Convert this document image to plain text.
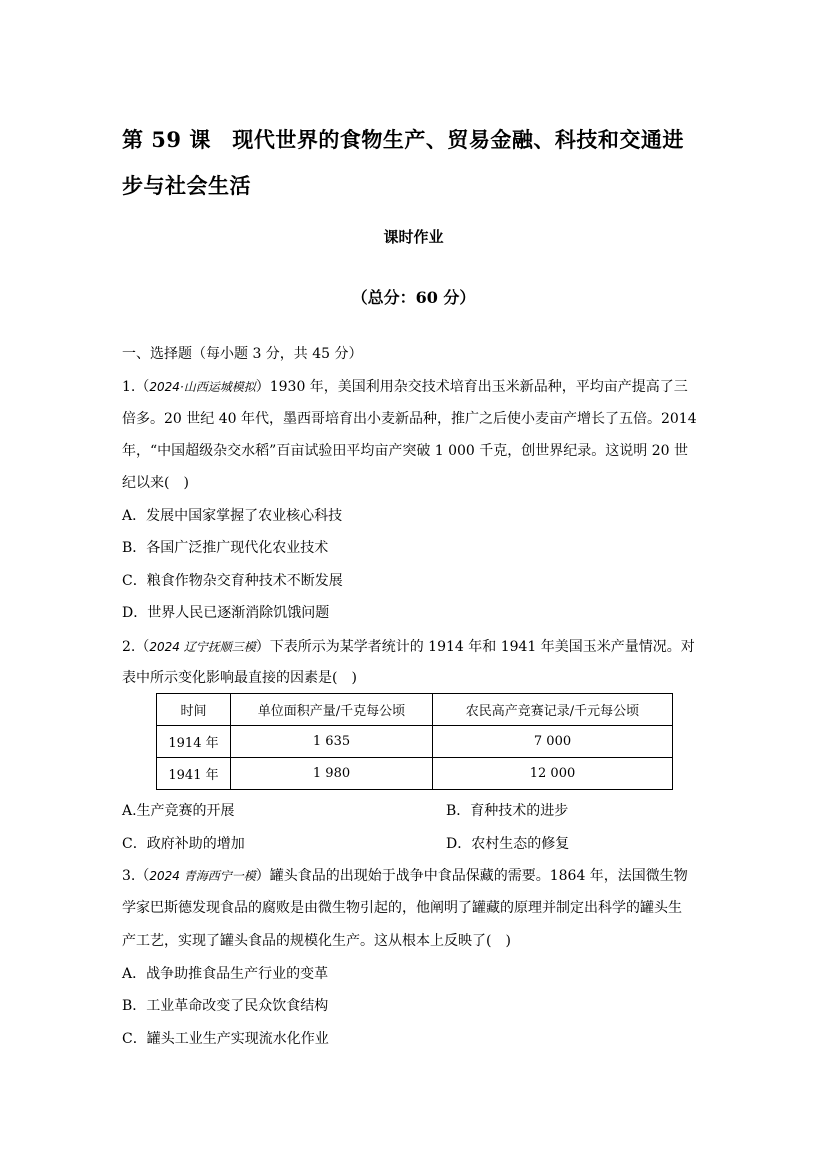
第 59 课　现代世界的食物生产、贸易金融、科技和交通进
步与社会生活
课时作业
（总分：60 分）
一、选择题（每小题 3 分，共 45 分）
1.（2024·山西运城模拟）1930 年，美国利用杂交技术培育出玉米新品种，平均亩产提高了三
倍多。20 世纪 40 年代，墨西哥培育出小麦新品种，推广之后使小麦亩产增长了五倍。2014
年，“中国超级杂交水稻”百亩试验田平均亩产突破 1 000 千克，创世界纪录。这说明 20 世
纪以来(　)
A．发展中国家掌握了农业核心科技
B．各国广泛推广现代化农业技术
C．粮食作物杂交育种技术不断发展
D．世界人民已逐渐消除饥饿问题
2.（2024 辽宁抚顺三模）下表所示为某学者统计的 1914 年和 1941 年美国玉米产量情况。对
表中所示变化影响最直接的因素是(　)
时间	单位面积产量/千克每公顷	农民高产竞赛记录/千元每公顷
1914 年	1 635	7 000
1941 年	1 980	12 000
A.生产竞赛的开展	B．育种技术的进步
C．政府补助的增加	D．农村生态的修复
3.（2024 青海西宁一模）罐头食品的出现始于战争中食品保藏的需要。1864 年，法国微生物
学家巴斯德发现食品的腐败是由微生物引起的，他阐明了罐藏的原理并制定出科学的罐头生
产工艺，实现了罐头食品的规模化生产。这从根本上反映了(　)
A．战争助推食品生产行业的变革
B．工业革命改变了民众饮食结构
C．罐头工业生产实现流水化作业
